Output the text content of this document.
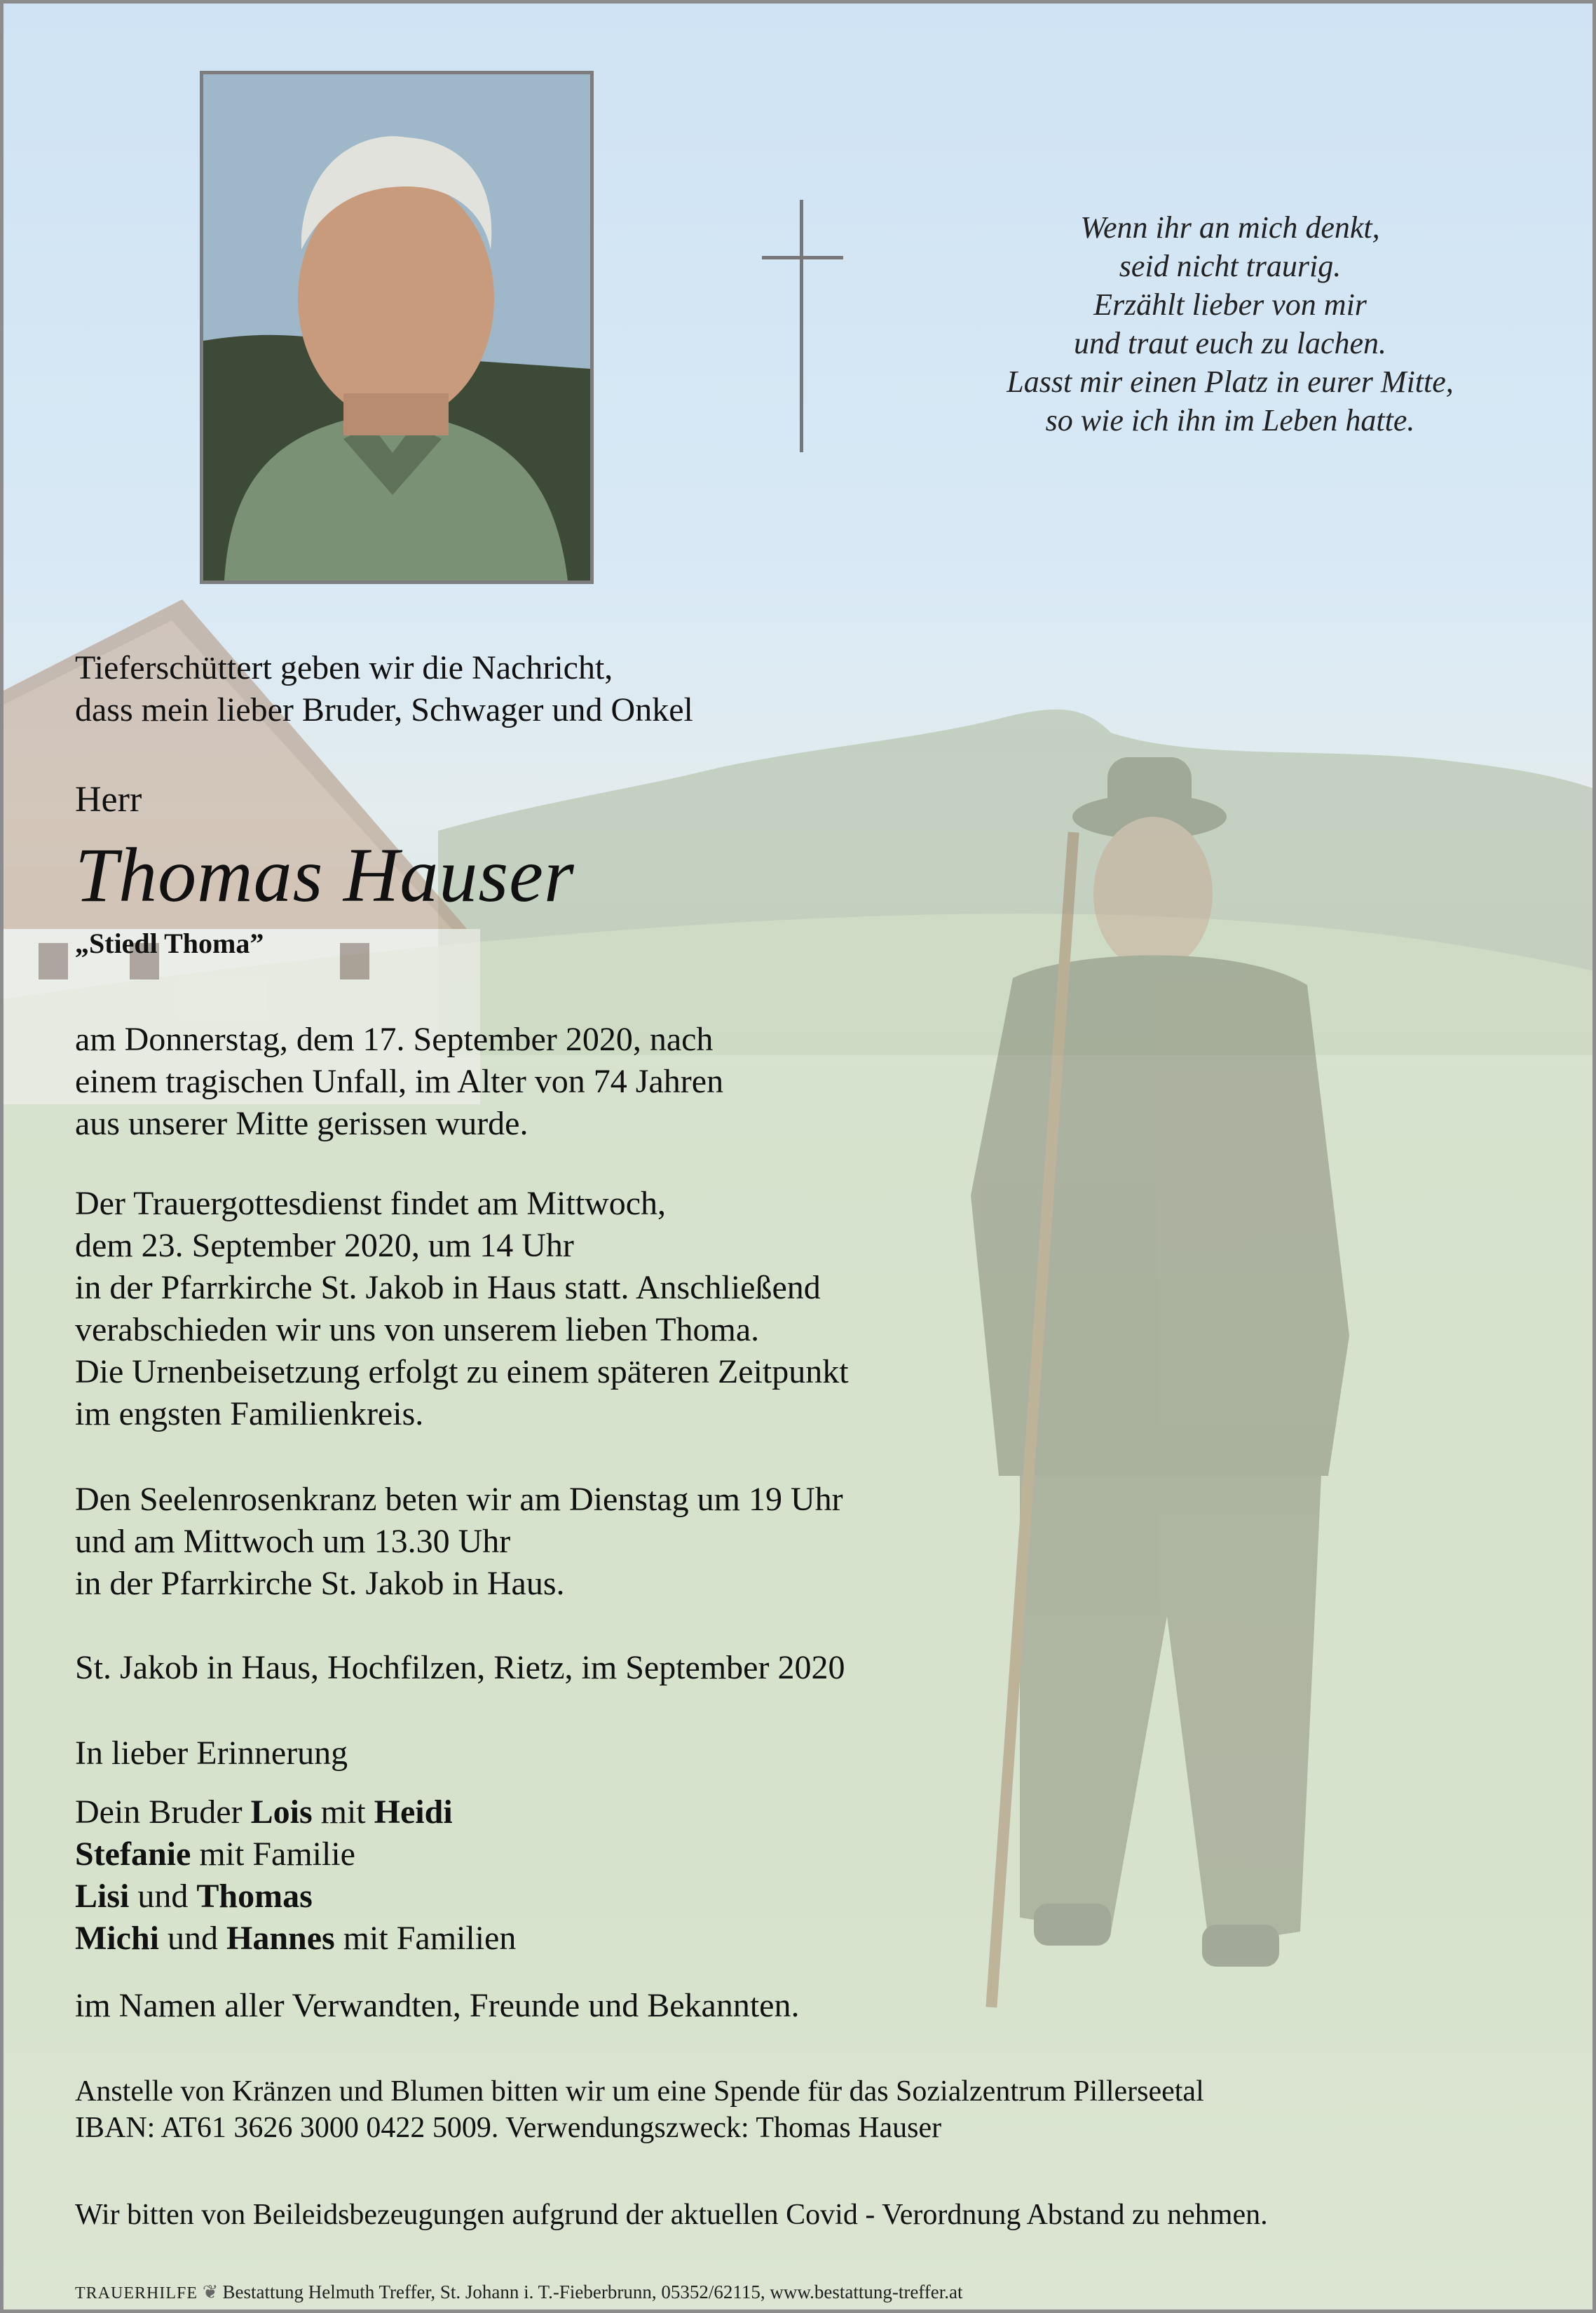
Wenn ihr an mich denkt,
seid nicht traurig.
Erzählt lieber von mir
und traut euch zu lachen.
Lasst mir einen Platz in eurer Mitte,
so wie ich ihn im Leben hatte.
Tieferschüttert geben wir die Nachricht,
dass mein lieber Bruder, Schwager und Onkel
Herr
Thomas Hauser
„Stiedl Thoma”
am Donnerstag, dem 17. September 2020, nach
einem tragischen Unfall, im Alter von 74 Jahren
aus unserer Mitte gerissen wurde.
Der Trauergottesdienst findet am Mittwoch,
dem 23. September 2020, um 14 Uhr
in der Pfarrkirche St. Jakob in Haus statt. Anschließend
verabschieden wir uns von unserem lieben Thoma.
Die Urnenbeisetzung erfolgt zu einem späteren Zeitpunkt
im engsten Familienkreis.
Den Seelenrosenkranz beten wir am Dienstag um 19 Uhr
und am Mittwoch um 13.30 Uhr
in der Pfarrkirche St. Jakob in Haus.
St. Jakob in Haus, Hochfilzen, Rietz, im September 2020
In lieber Erinnerung
Dein Bruder Lois mit Heidi
Stefanie mit Familie
Lisi und Thomas
Michi und Hannes mit Familien
im Namen aller Verwandten, Freunde und Bekannten.
Anstelle von Kränzen und Blumen bitten wir um eine Spende für das Sozialzentrum Pillerseetal
IBAN: AT61 3626 3000 0422 5009. Verwendungszweck: Thomas Hauser
Wir bitten von Beileidsbezeugungen aufgrund der aktuellen Covid - Verordnung Abstand zu nehmen.
TRAUERHILFE ❦ Bestattung Helmuth Treffer, St. Johann i. T.-Fieberbrunn, 05352/62115, www.bestattung-treffer.at
